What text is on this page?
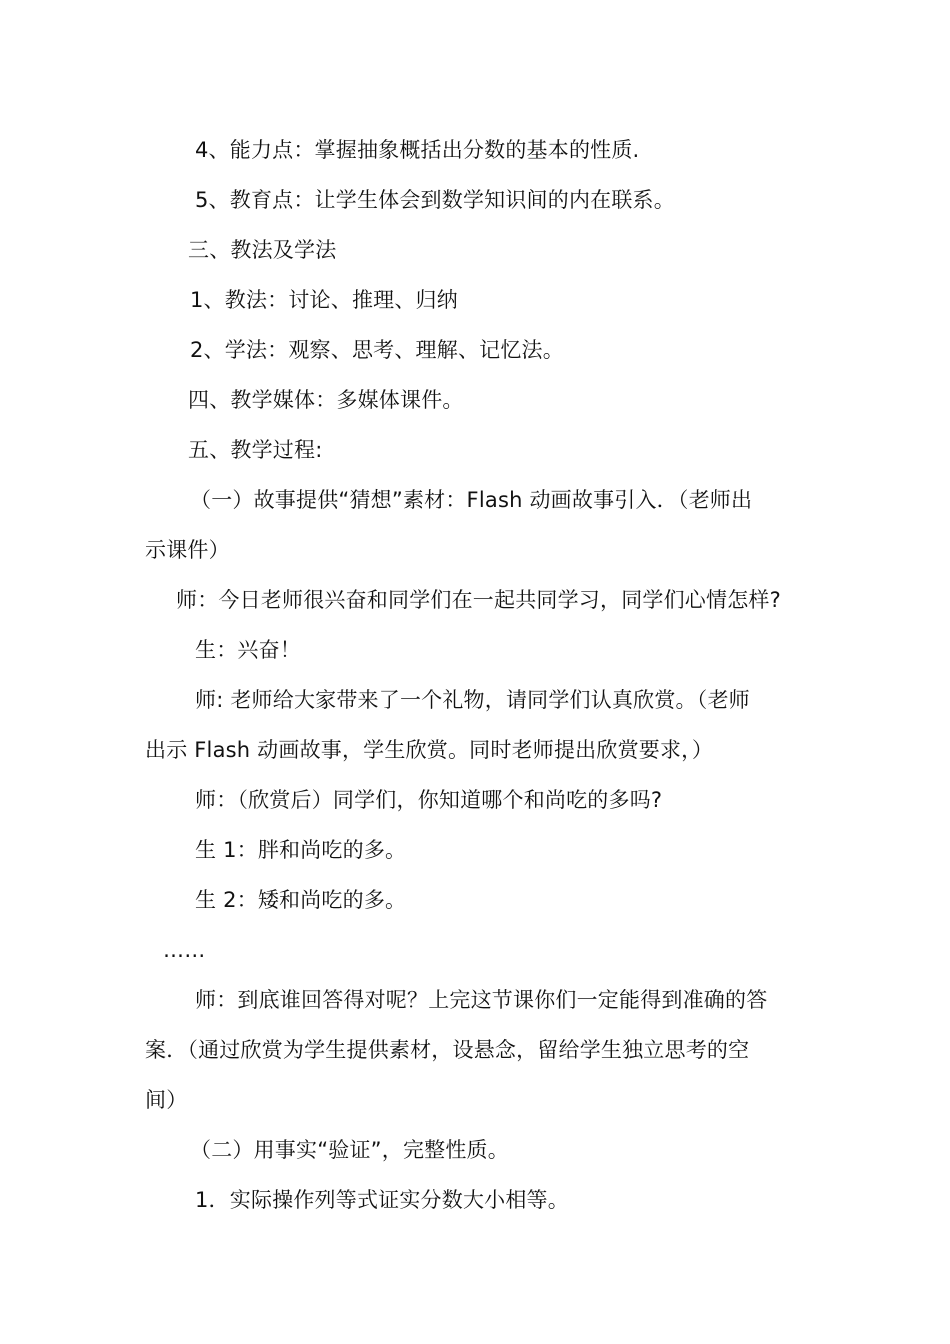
4、能力点：掌握抽象概括出分数的基本的性质.
5、教育点：让学生体会到数学知识间的内在联系。
三、教法及学法
1、教法：讨论、推理、归纳
2、学法：观察、思考、理解、记忆法。
四、教学媒体：多媒体课件。
五、教学过程:
（一）故事提供“猜想”素材：Flash 动画故事引入．（老师出
示课件）
师：今日老师很兴奋和同学们在一起共同学习，同学们心情怎样?
生：兴奋！
师: 老师给大家带来了一个礼物，请同学们认真欣赏。（老师
出示 Flash 动画故事，学生欣赏。同时老师提出欣赏要求，）
师：（欣赏后）同学们，你知道哪个和尚吃的多吗?
生 1：胖和尚吃的多。
生 2：矮和尚吃的多。
……
师：到底谁回答得对呢？上完这节课你们一定能得到准确的答
案．（通过欣赏为学生提供素材，设悬念，留给学生独立思考的空
间）
（二）用事实“验证”，完整性质。
1．实际操作列等式证实分数大小相等。
